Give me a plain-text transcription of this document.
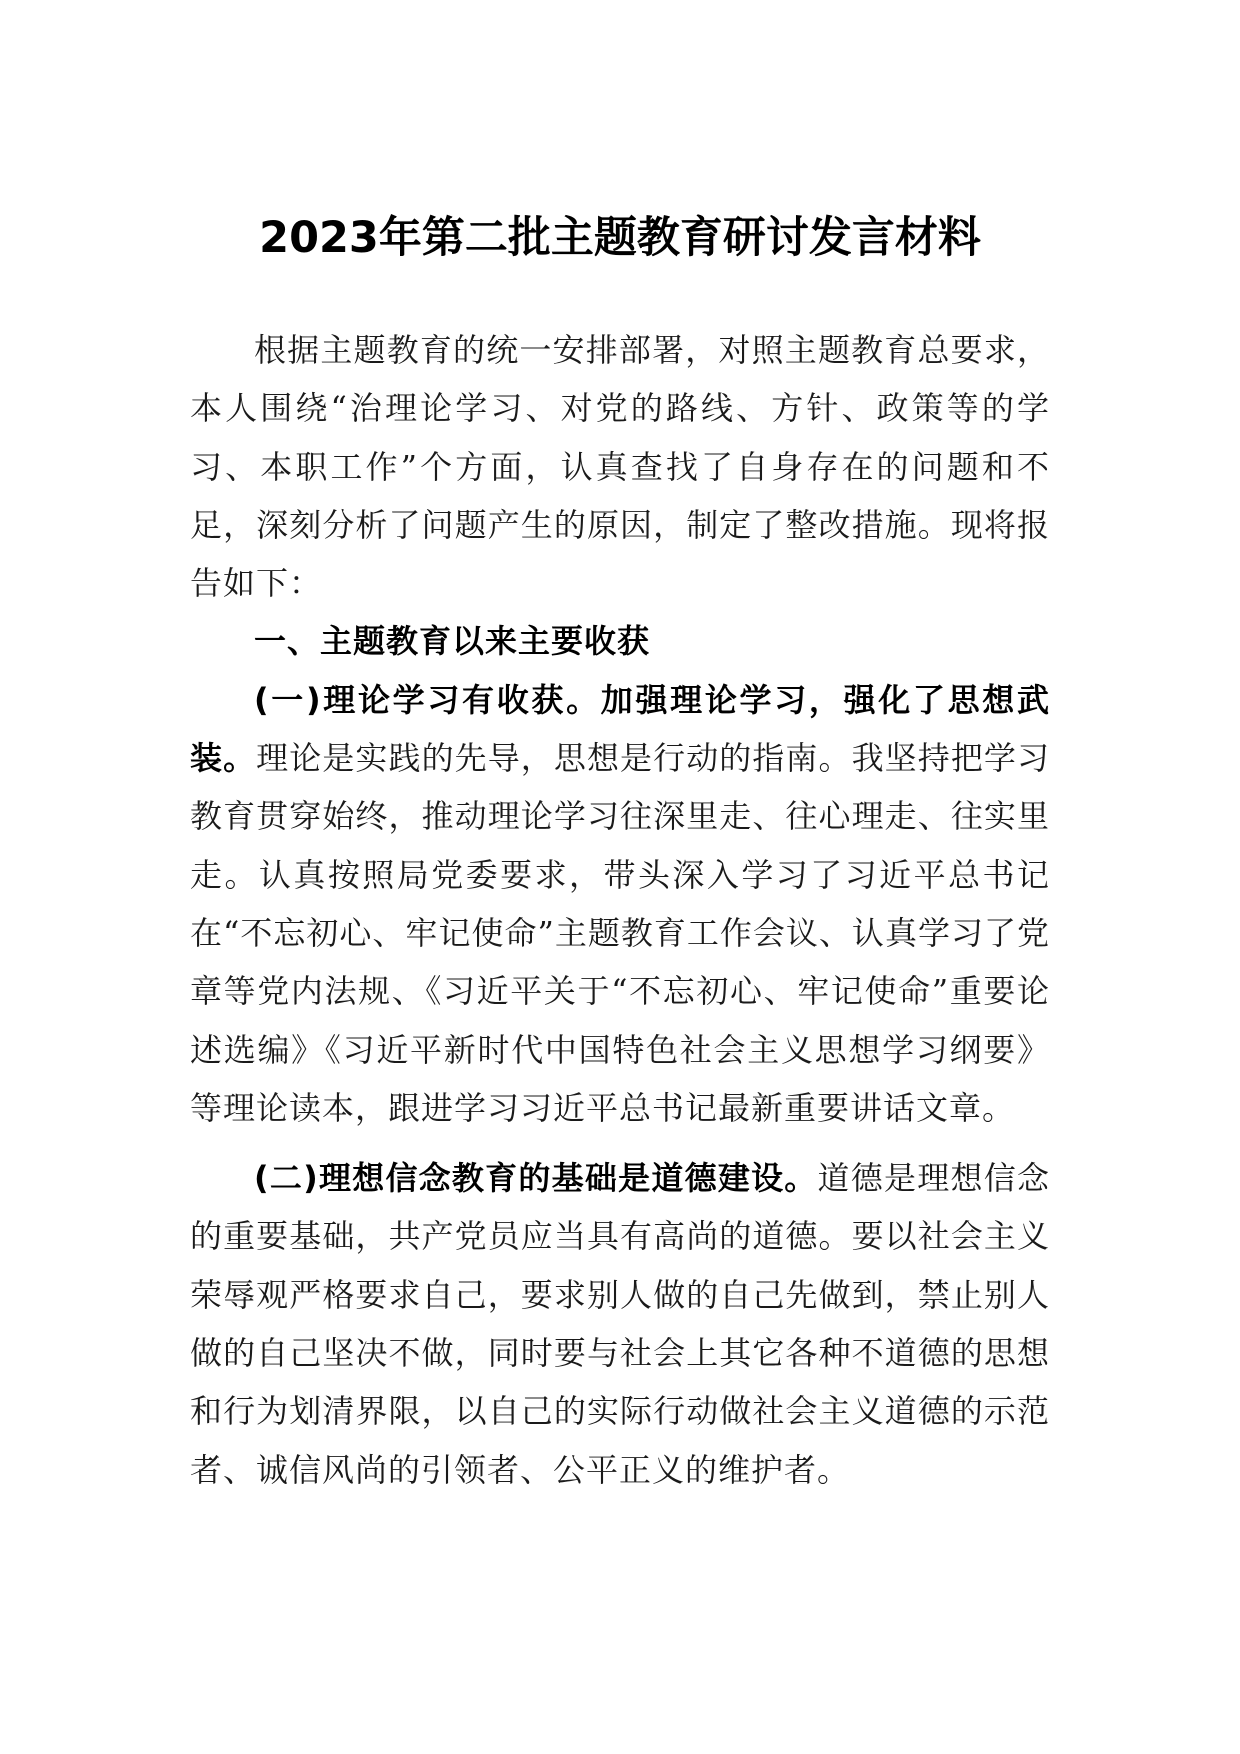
2023年第二批主题教育研讨发言材料

根据主题教育的统一安排部署，对照主题教育总要求，本人围绕“治理论学习、对党的路线、方针、政策等的学习、本职工作”个方面，认真查找了自身存在的问题和不足，深刻分析了问题产生的原因，制定了整改措施。现将报告如下：

一、主题教育以来主要收获

(一)理论学习有收获。加强理论学习，强化了思想武装。理论是实践的先导，思想是行动的指南。我坚持把学习教育贯穿始终，推动理论学习往深里走、往心理走、往实里走。认真按照局党委要求，带头深入学习了习近平总书记在“不忘初心、牢记使命”主题教育工作会议、认真学习了党章等党内法规、《习近平关于“不忘初心、牢记使命”重要论述选编》《习近平新时代中国特色社会主义思想学习纲要》等理论读本，跟进学习习近平总书记最新重要讲话文章。

(二)理想信念教育的基础是道德建设。道德是理想信念的重要基础，共产党员应当具有高尚的道德。要以社会主义荣辱观严格要求自己，要求别人做的自己先做到，禁止别人做的自己坚决不做，同时要与社会上其它各种不道德的思想和行为划清界限，以自己的实际行动做社会主义道德的示范者、诚信风尚的引领者、公平正义的维护者。
